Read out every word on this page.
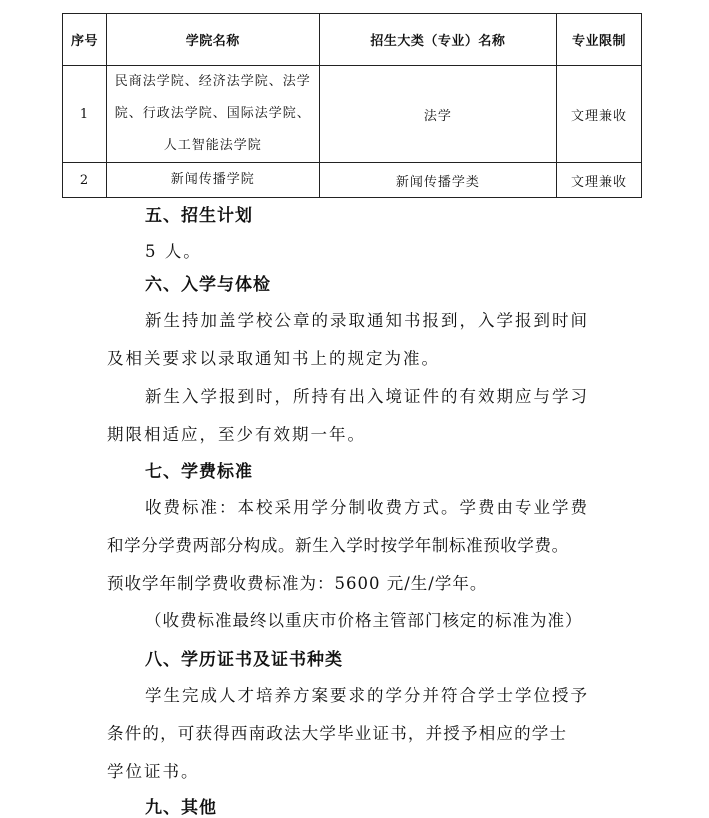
序号	学院名称	招生大类（专业）名称	专业限制
1	民商法学院、经济法学院、法学
院、行政法学院、国际法学院、
人工智能法学院	法学	文理兼收
2	新闻传播学院	新闻传播学类	文理兼收
五、招生计划
5 人。
六、入学与体检
新生持加盖学校公章的录取通知书报到，入学报到时间
及相关要求以录取通知书上的规定为准。
新生入学报到时，所持有出入境证件的有效期应与学习
期限相适应，至少有效期一年。
七、学费标准
收费标准：本校采用学分制收费方式。学费由专业学费
和学分学费两部分构成。新生入学时按学年制标准预收学费。
预收学年制学费收费标准为：5600 元/生/学年。
（收费标准最终以重庆市价格主管部门核定的标准为准）
八、学历证书及证书种类
学生完成人才培养方案要求的学分并符合学士学位授予
条件的，可获得西南政法大学毕业证书，并授予相应的学士
学位证书。
九、其他
